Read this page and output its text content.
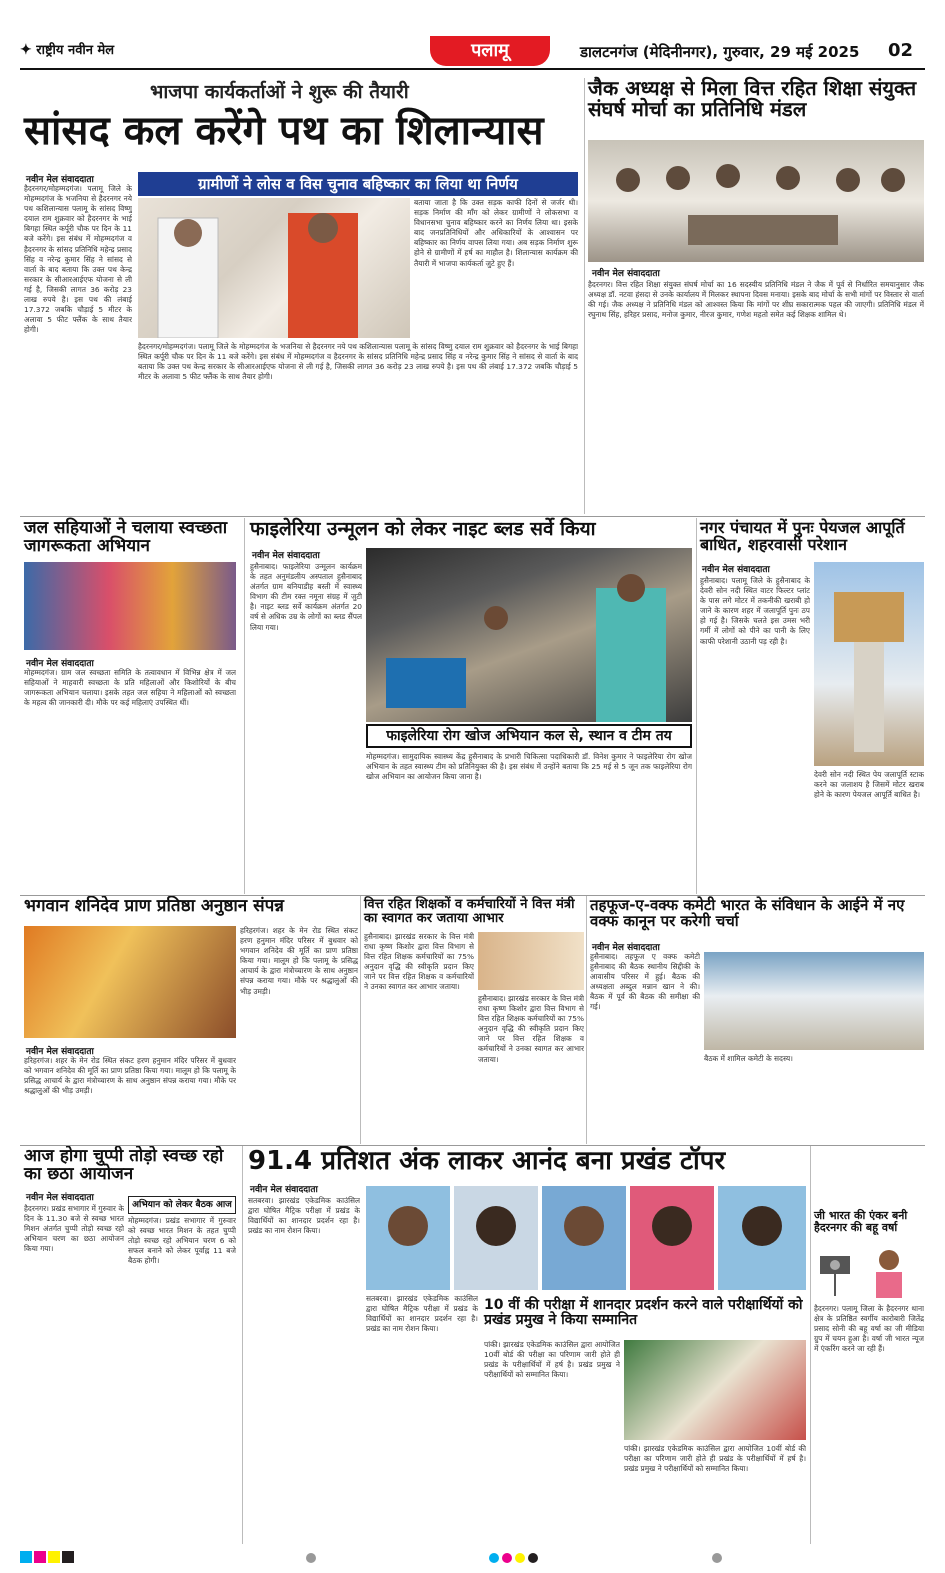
✦ राष्ट्रीय नवीन मेल	पलामू	डालटनगंज (मेदिनीनगर), गुरुवार, 29 मई 2025 02
भाजपा कार्यकर्ताओं ने शुरू की तैयारी
सांसद कल करेंगे पथ का शिलान्यास
ग्रामीणों ने लोस व विस चुनाव बहिष्कार का लिया था निर्णय
नवीन मेल संवाददाता
हैदरनगर/मोहम्मदगंज। पलामू जिले के मोहम्मदगंज के भजनिया से हैदरनगर नये पथ कशिलान्यास पलामू के सांसद विष्णु दयाल राम शुक्रवार को हैदरनगर के भाई बिगहा स्थित कर्पूरी चौक पर दिन के 11 बजे करेंगे। इस संबंध में मोहम्मदगंज व हैदरनगर के सांसद प्रतिनिधि महेन्द्र प्रसाद सिंह व नरेन्द्र कुमार सिंह ने सांसद से वार्ता के बाद बताया कि उक्त पथ केन्द्र सरकार के सीआरआईएफ योजना से ली गई है, जिसकी लागत 36 करोड़ 23 लाख रुपये है। इस पथ की लंबाई 17.372 जबकि चौड़ाई 5 मीटर के अलावा 5 फीट फ्लैंक के साथ तैयार होगी।
बताया जाता है कि उक्त सड़क काफी दिनों से जर्जर थी। सड़क निर्माण की माँग को लेकर ग्रामीणों ने लोकसभा व विधानसभा चुनाव बहिष्कार करने का निर्णय लिया था। इसके बाद जनप्रतिनिधियों और अधिकारियों के आश्वासन पर बहिष्कार का निर्णय वापस लिया गया। अब सड़क निर्माण शुरू होने से ग्रामीणों में हर्ष का माहौल है। शिलान्यास कार्यक्रम की तैयारी में भाजपा कार्यकर्ता जुटे हुए हैं।
हैदरनगर/मोहम्मदगंज। पलामू जिले के मोहम्मदगंज के भजनिया से हैदरनगर नये पथ कशिलान्यास पलामू के सांसद विष्णु दयाल राम शुक्रवार को हैदरनगर के भाई बिगहा स्थित कर्पूरी चौक पर दिन के 11 बजे करेंगे। इस संबंध में मोहम्मदगंज व हैदरनगर के सांसद प्रतिनिधि महेन्द्र प्रसाद सिंह व नरेन्द्र कुमार सिंह ने सांसद से वार्ता के बाद बताया कि उक्त पथ केन्द्र सरकार के सीआरआईएफ योजना से ली गई है, जिसकी लागत 36 करोड़ 23 लाख रुपये है। इस पथ की लंबाई 17.372 जबकि चौड़ाई 5 मीटर के अलावा 5 फीट फ्लैंक के साथ तैयार होगी।
जैक अध्यक्ष से मिला वित्त रहित शिक्षा संयुक्त संघर्ष मोर्चा का प्रतिनिधि मंडल
नवीन मेल संवाददाता
हैदरनगर। वित्त रहित शिक्षा संयुक्त संघर्ष मोर्चा का 16 सदस्यीय प्रतिनिधि मंडल ने जैक में पूर्व से निर्धारित समयानुसार जैक अध्यक्ष डॉ. नटवा हंसदा से उनके कार्यालय में मिलकर स्थापना दिवस मनाया। इसके बाद मोर्चा के सभी मांगों पर विस्तार से वार्ता की गई। जैक अध्यक्ष ने प्रतिनिधि मंडल को आश्वस्त किया कि मांगों पर शीघ्र सकारात्मक पहल की जाएगी। प्रतिनिधि मंडल में रघुनाथ सिंह, हरिहर प्रसाद, मनोज कुमार, नीरज कुमार, गणेश महतो समेत कई शिक्षक शामिल थे।
जल सहियाओं ने चलाया स्वच्छता जागरूकता अभियान
नवीन मेल संवाददाता
मोहम्मदगंज। ग्राम जल स्वच्छता समिति के तत्वावधान में विभिन्न क्षेत्र में जल सहियाओं ने माहवारी स्वच्छता के प्रति महिलाओं और किशोरियों के बीच जागरूकता अभियान चलाया। इसके तहत जल सहिया ने महिलाओं को स्वच्छता के महत्व की जानकारी दी। मौके पर कई महिलाएं उपस्थित थीं।
फाइलेरिया उन्मूलन को लेकर नाइट ब्लड सर्वे किया
नवीन मेल संवाददाता
हुसैनाबाद। फाइलेरिया उन्मूलन कार्यक्रम के तहत अनुमंडलीय अस्पताल हुसैनाबाद अंतर्गत ग्राम बनियाडीह बस्ती में स्वास्थ्य विभाग की टीम रक्त नमूना संग्रह में जुटी है। नाइट ब्लड सर्वे कार्यक्रम अंतर्गत 20 वर्ष से अधिक उम्र के लोगों का ब्लड सैंपल लिया गया।
फाइलेरिया रोग खोज अभियान कल से, स्थान व टीम तय
मोहम्मदगंज। सामुदायिक स्वास्थ्य केंद्र हुसैनाबाद के प्रभारी चिकित्सा पदाधिकारी डॉ. विनेश कुमार ने फाइलेरिया रोग खोज अभियान के तहत स्वास्थ्य टीम को प्रतिनियुक्त की है। इस संबंध में उन्होंने बताया कि 25 मई से 5 जून तक फाइलेरिया रोग खोज अभियान का आयोजन किया जाना है।
नगर पंचायत में पुनः पेयजल आपूर्ति बाधित, शहरवासी परेशान
नवीन मेल संवाददाता
हुसैनाबाद। पलामू जिले के हुसैनाबाद के देवरी सोन नदी स्थित वाटर फिल्टर प्लांट के पास लगे मोटर में तकनीकी खराबी हो जाने के कारण शहर में जलापूर्ति पुनः ठप हो गई है। जिसके चलते इस उमस भरी गर्मी में लोगों को पीने का पानी के लिए काफी परेशानी उठानी पड़ रही है।
देवरी सोन नदी स्थित पेय जलापूर्ति स्टाक करने का जलाशय है जिसमें मोटर खराब होने के कारण पेयजल आपूर्ति बाधित है।
भगवान शनिदेव प्राण प्रतिष्ठा अनुष्ठान संपन्न
नवीन मेल संवाददाता
हरिहरगंज। शहर के मेन रोड स्थित संकट हरण हनुमान मंदिर परिसर में बुधवार को भगवान शनिदेव की मूर्ति का प्राण प्रतिष्ठा किया गया। मालूम हो कि पलामू के प्रसिद्ध आचार्य के द्वारा मंत्रोच्चारण के साथ अनुष्ठान संपन्न कराया गया। मौके पर श्रद्धालुओं की भीड़ उमड़ी।
हरिहरगंज। शहर के मेन रोड स्थित संकट हरण हनुमान मंदिर परिसर में बुधवार को भगवान शनिदेव की मूर्ति का प्राण प्रतिष्ठा किया गया। मालूम हो कि पलामू के प्रसिद्ध आचार्य के द्वारा मंत्रोच्चारण के साथ अनुष्ठान संपन्न कराया गया। मौके पर श्रद्धालुओं की भीड़ उमड़ी।
वित्त रहित शिक्षकों व कर्मचारियों ने वित्त मंत्री का स्वागत कर जताया आभार
हुसैनाबाद। झारखंड सरकार के वित्त मंत्री राधा कृष्ण किशोर द्वारा वित्त विभाग से वित्त रहित शिक्षक कर्मचारियों का 75% अनुदान वृद्धि की स्वीकृति प्रदान किए जाने पर वित्त रहित शिक्षक व कर्मचारियों ने उनका स्वागत कर आभार जताया।
हुसैनाबाद। झारखंड सरकार के वित्त मंत्री राधा कृष्ण किशोर द्वारा वित्त विभाग से वित्त रहित शिक्षक कर्मचारियों का 75% अनुदान वृद्धि की स्वीकृति प्रदान किए जाने पर वित्त रहित शिक्षक व कर्मचारियों ने उनका स्वागत कर आभार जताया।
तहफूज-ए-वक्फ कमेटी भारत के संविधान के आईने में नए वक्फ कानून पर करेगी चर्चा
नवीन मेल संवाददाता
हुसैनाबाद। तहफूज ए वक्फ कमेटी हुसैनाबाद की बैठक स्थानीय सिद्दीकी के आवासीय परिसर में हुई। बैठक की अध्यक्षता अब्दुल मन्नान खान ने की। बैठक में पूर्व की बैठक की समीक्षा की गई।
बैठक में शामिल कमेटी के सदस्य।
आज होगा चुप्पी तोड़ो स्वच्छ रहो का छठा आयोजन
नवीन मेल संवाददाता
हैदरनगर। प्रखंड सभागार में गुरुवार के दिन के 11.30 बजे से स्वच्छ भारत मिशन अंतर्गत चुप्पी तोड़ो स्वच्छ रहो अभियान चरण का छठा आयोजन किया गया।
अभियान को लेकर बैठक आज
मोहम्मदगंज। प्रखंड सभागार में गुरुवार को स्वच्छ भारत मिशन के तहत चुप्पी तोड़ो स्वच्छ रहो अभियान चरण 6 को सफल बनाने को लेकर पूर्वाह्न 11 बजे बैठक होगी।
91.4 प्रतिशत अंक लाकर आनंद बना प्रखंड टॉपर
नवीन मेल संवाददाता
सतबरवा। झारखंड एकेडमिक काउंसिल द्वारा घोषित मैट्रिक परीक्षा में प्रखंड के विद्यार्थियों का शानदार प्रदर्शन रहा है। प्रखंड का नाम रोशन किया।
सतबरवा। झारखंड एकेडमिक काउंसिल द्वारा घोषित मैट्रिक परीक्षा में प्रखंड के विद्यार्थियों का शानदार प्रदर्शन रहा है। प्रखंड का नाम रोशन किया।
10 वीं की परीक्षा में शानदार प्रदर्शन करने वाले परीक्षार्थियों को प्रखंड प्रमुख ने किया सम्मानित
पांकी। झारखंड एकेडमिक काउंसिल द्वारा आयोजित 10वीं बोर्ड की परीक्षा का परिणाम जारी होते ही प्रखंड के परीक्षार्थियों में हर्ष है। प्रखंड प्रमुख ने परीक्षार्थियों को सम्मानित किया।
पांकी। झारखंड एकेडमिक काउंसिल द्वारा आयोजित 10वीं बोर्ड की परीक्षा का परिणाम जारी होते ही प्रखंड के परीक्षार्थियों में हर्ष है। प्रखंड प्रमुख ने परीक्षार्थियों को सम्मानित किया।
जी भारत की एंकर बनी हैदरनगर की बहू वर्षा
हैदरनगर। पलामू जिला के हैदरनगर थाना क्षेत्र के प्रतिष्ठित स्वर्गीय कारोबारी जितेंद्र प्रसाद सोनी की बहू वर्षा का जी मीडिया ग्रुप में चयन हुआ है। वर्षा जी भारत न्यूज में एंकरिंग करने जा रही हैं।
